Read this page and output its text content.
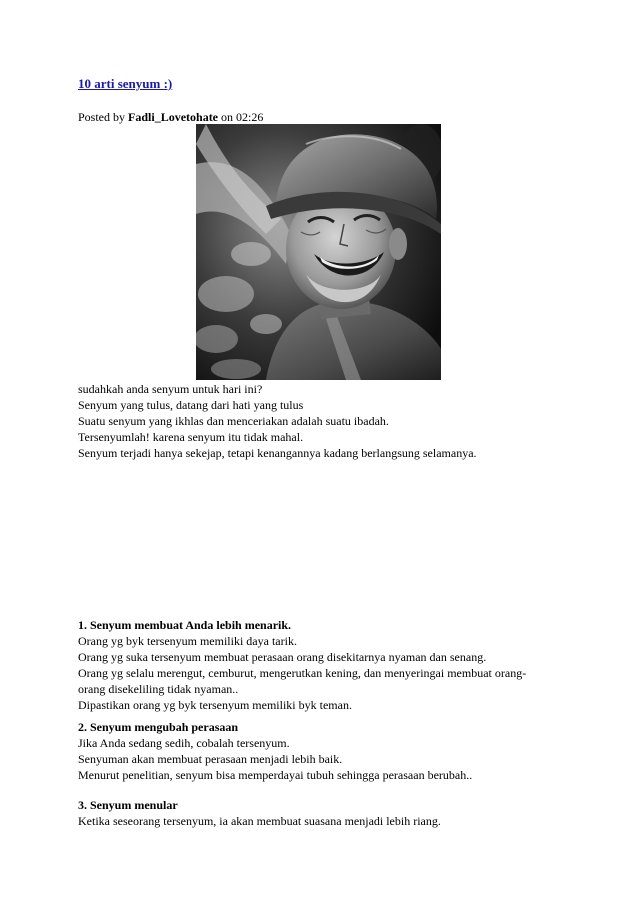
10 arti senyum :)
Posted by Fadli_Lovetohate on 02:26
sudahkah anda senyum untuk hari ini?
Senyum yang tulus, datang dari hati yang tulus
Suatu senyum yang ikhlas dan menceriakan adalah suatu ibadah.
Tersenyumlah! karena senyum itu tidak mahal.
Senyum terjadi hanya sekejap, tetapi kenangannya kadang berlangsung selamanya.
1. Senyum membuat Anda lebih menarik.
Orang yg byk tersenyum memiliki daya tarik.
Orang yg suka tersenyum membuat perasaan orang disekitarnya nyaman dan senang.
Orang yg selalu merengut, cemburut, mengerutkan kening, dan menyeringai membuat orang-
orang disekeliling tidak nyaman..
Dipastikan orang yg byk tersenyum memiliki byk teman.
2. Senyum mengubah perasaan
Jika Anda sedang sedih, cobalah tersenyum.
Senyuman akan membuat perasaan menjadi lebih baik.
Menurut penelitian, senyum bisa memperdayai tubuh sehingga perasaan berubah..
3. Senyum menular
Ketika seseorang tersenyum, ia akan membuat suasana menjadi lebih riang.
